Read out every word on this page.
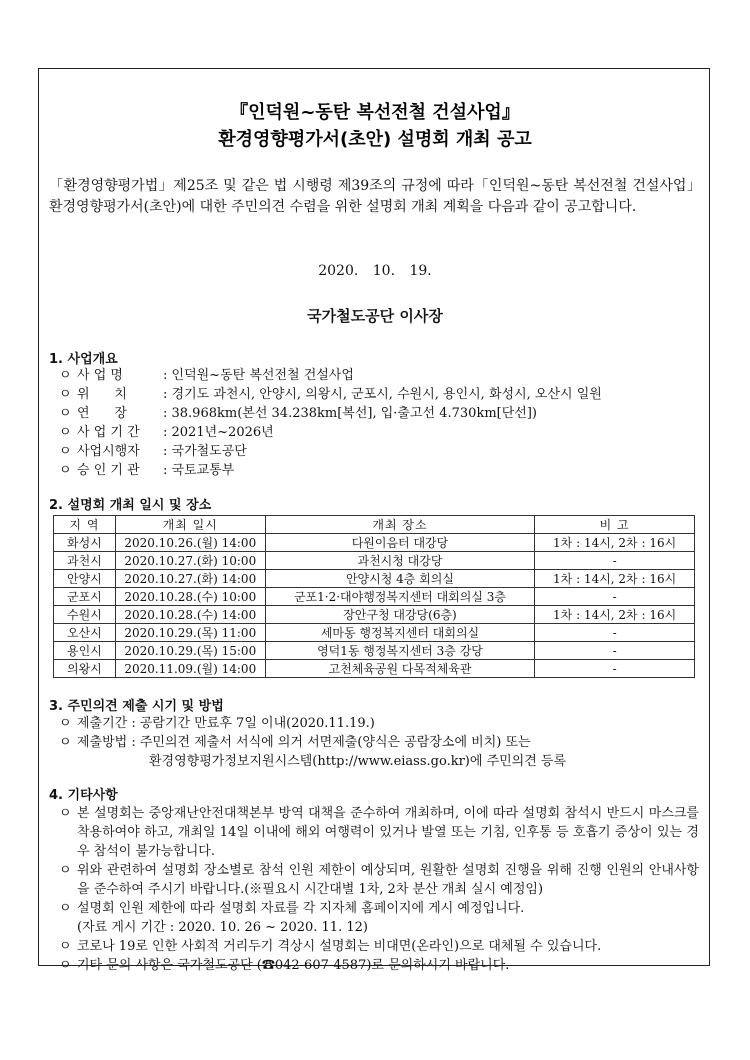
『인덕원~동탄 복선전철 건설사업』
환경영향평가서(초안) 설명회 개최 공고

「환경영향평가법」제25조 및 같은 법 시행령 제39조의 규정에 따라「인덕원~동탄 복선전철 건설사업」환경영향평가서(초안)에 대한 주민의견 수렴을 위한 설명회 개최 계획을 다음과 같이 공고합니다.

2020. 10. 19.
국가철도공단 이사장
1. 사업개요
ㅇ 사 업 명	: 인덕원~동탄 복선전철 건설사업
ㅇ 위      치	: 경기도 과천시, 안양시, 의왕시, 군포시, 수원시, 용인시, 화성시, 오산시 일원
ㅇ 연      장	: 38.968km(본선 34.238km[복선], 입·출고선 4.730km[단선])
ㅇ 사 업 기 간 : 2021년~2026년
ㅇ 사업시행자 : 국가철도공단
ㅇ 승 인 기 관 : 국토교통부
2. 설명회 개최 일시 및 장소
지 역	개최 일시	개최 장소	비 고
화성시	2020.10.26.(월) 14:00	다원이음터 대강당	1차 : 14시, 2차 : 16시
과천시	2020.10.27.(화) 10:00	과천시청 대강당	-
안양시	2020.10.27.(화) 14:00	안양시청 4층 회의실	1차 : 14시, 2차 : 16시
군포시	2020.10.28.(수) 10:00	군포1·2·대야행정복지센터 대회의실 3층	-
수원시	2020.10.28.(수) 14:00	장안구청 대강당(6층)	1차 : 14시, 2차 : 16시
오산시	2020.10.29.(목) 11:00	세마동 행정복지센터 대회의실	-
용인시	2020.10.29.(목) 15:00	영덕1동 행정복지센터 3층 강당	-
의왕시	2020.11.09.(월) 14:00	고천체육공원 다목적체육관	-
3. 주민의견 제출 시기 및 방법
ㅇ 제출기간 : 공람기간 만료후 7일 이내(2020.11.19.)
ㅇ 제출방법 : 주민의견 제출서 서식에 의거 서면제출(양식은 공람장소에 비치) 또는
환경영향평가정보지원시스템(http://www.eiass.go.kr)에 주민의견 등록
4. 기타사항
ㅇ 본 설명회는 중앙재난안전대책본부 방역 대책을 준수하여 개최하며, 이에 따라 설명회 참석시 반드시 마스크를 착용하여야 하고, 개최일 14일 이내에 해외 여행력이 있거나 발열 또는 기침, 인후통 등 호흡기 증상이 있는 경우 참석이 불가능합니다.
ㅇ 위와 관련하여 설명회 장소별로 참석 인원 제한이 예상되며, 원활한 설명회 진행을 위해 진행 인원의 안내사항을 준수하여 주시기 바랍니다.(※필요시 시간대별 1차, 2차 분산 개최 실시 예정임)
ㅇ 설명회 인원 제한에 따라 설명회 자료를 각 지자체 홈페이지에 게시 예정입니다.
(자료 게시 기간 : 2020. 10. 26 ~ 2020. 11. 12)
ㅇ 코로나 19로 인한 사회적 거리두기 격상시 설명회는 비대면(온라인)으로 대체될 수 있습니다.
ㅇ 기타 문의 사항은 국가철도공단 (☎042-607-4587)로 문의하시기 바랍니다.
